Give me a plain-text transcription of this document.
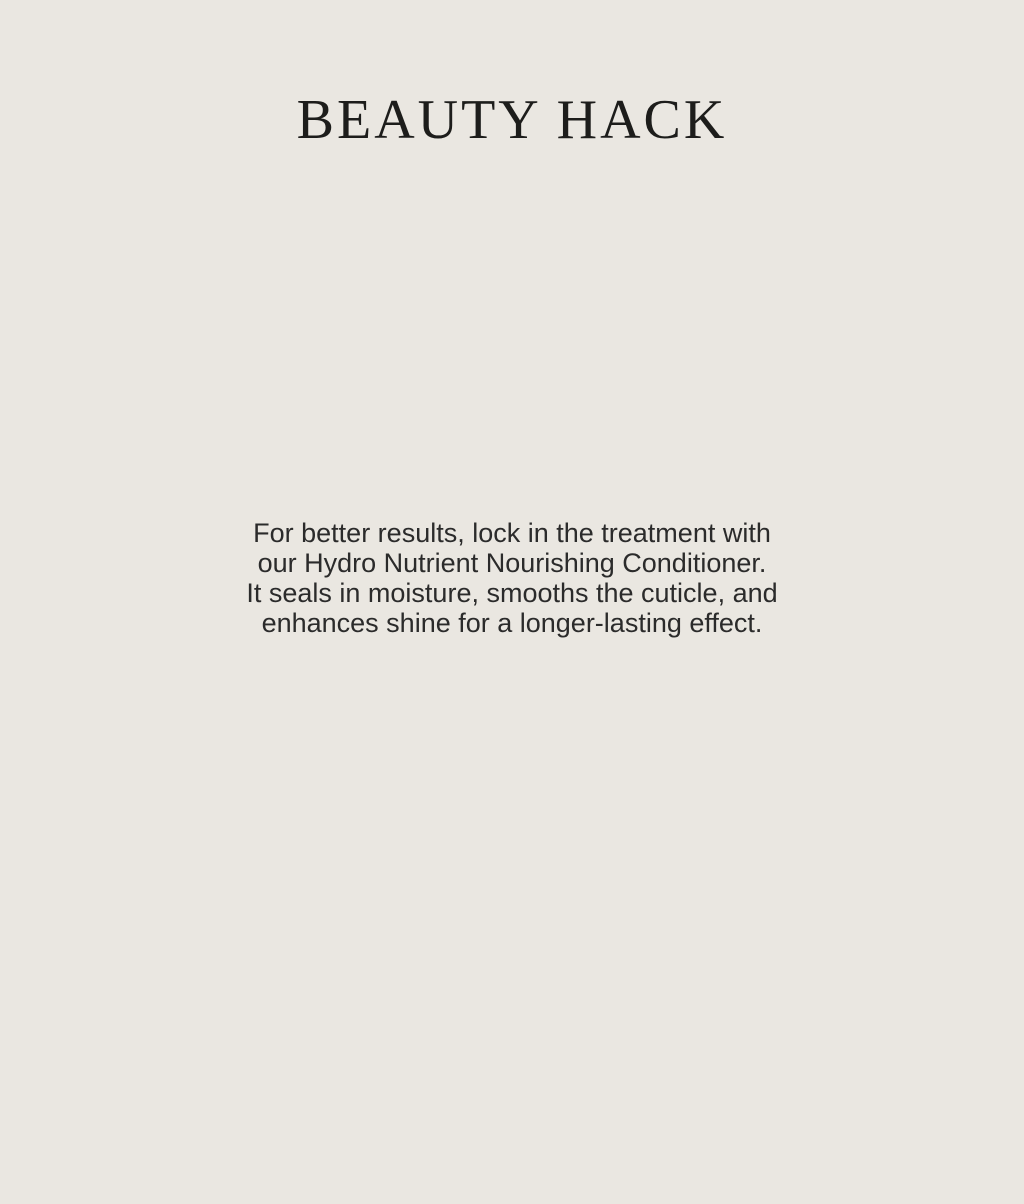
BEAUTY HACK
For better results, lock in the treatment with
our Hydro Nutrient Nourishing Conditioner.
It seals in moisture, smooths the cuticle, and
enhances shine for a longer-lasting effect.
